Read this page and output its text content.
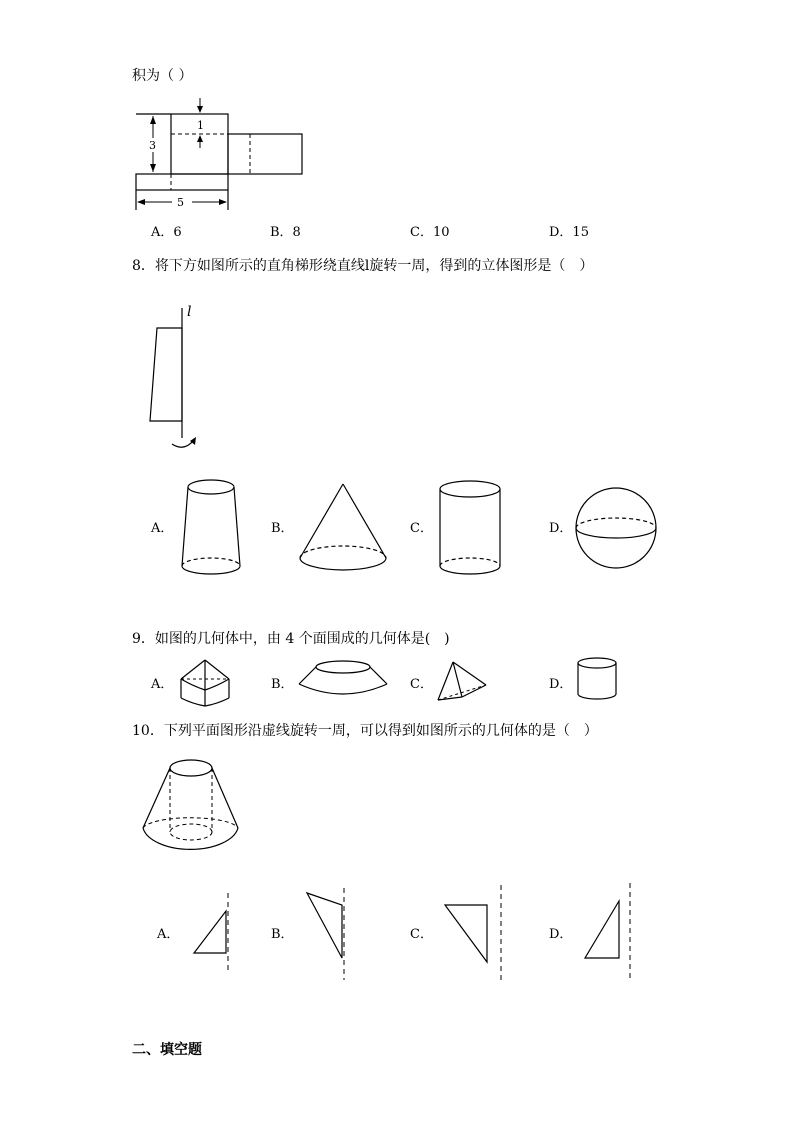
积为（ ）
3
1
5
A．6	B．8	C．10	D．15
8．将下方如图所示的直角梯形绕直线l旋转一周，得到的立体图形是（　）
l
A．	B．	C．	D．
9．如图的几何体中，由 4 个面围成的几何体是(　)
A．	B．	C．	D．
10．下列平面图形沿虚线旋转一周，可以得到如图所示的几何体的是（　）
A．	B．	C．	D．
二、填空题
